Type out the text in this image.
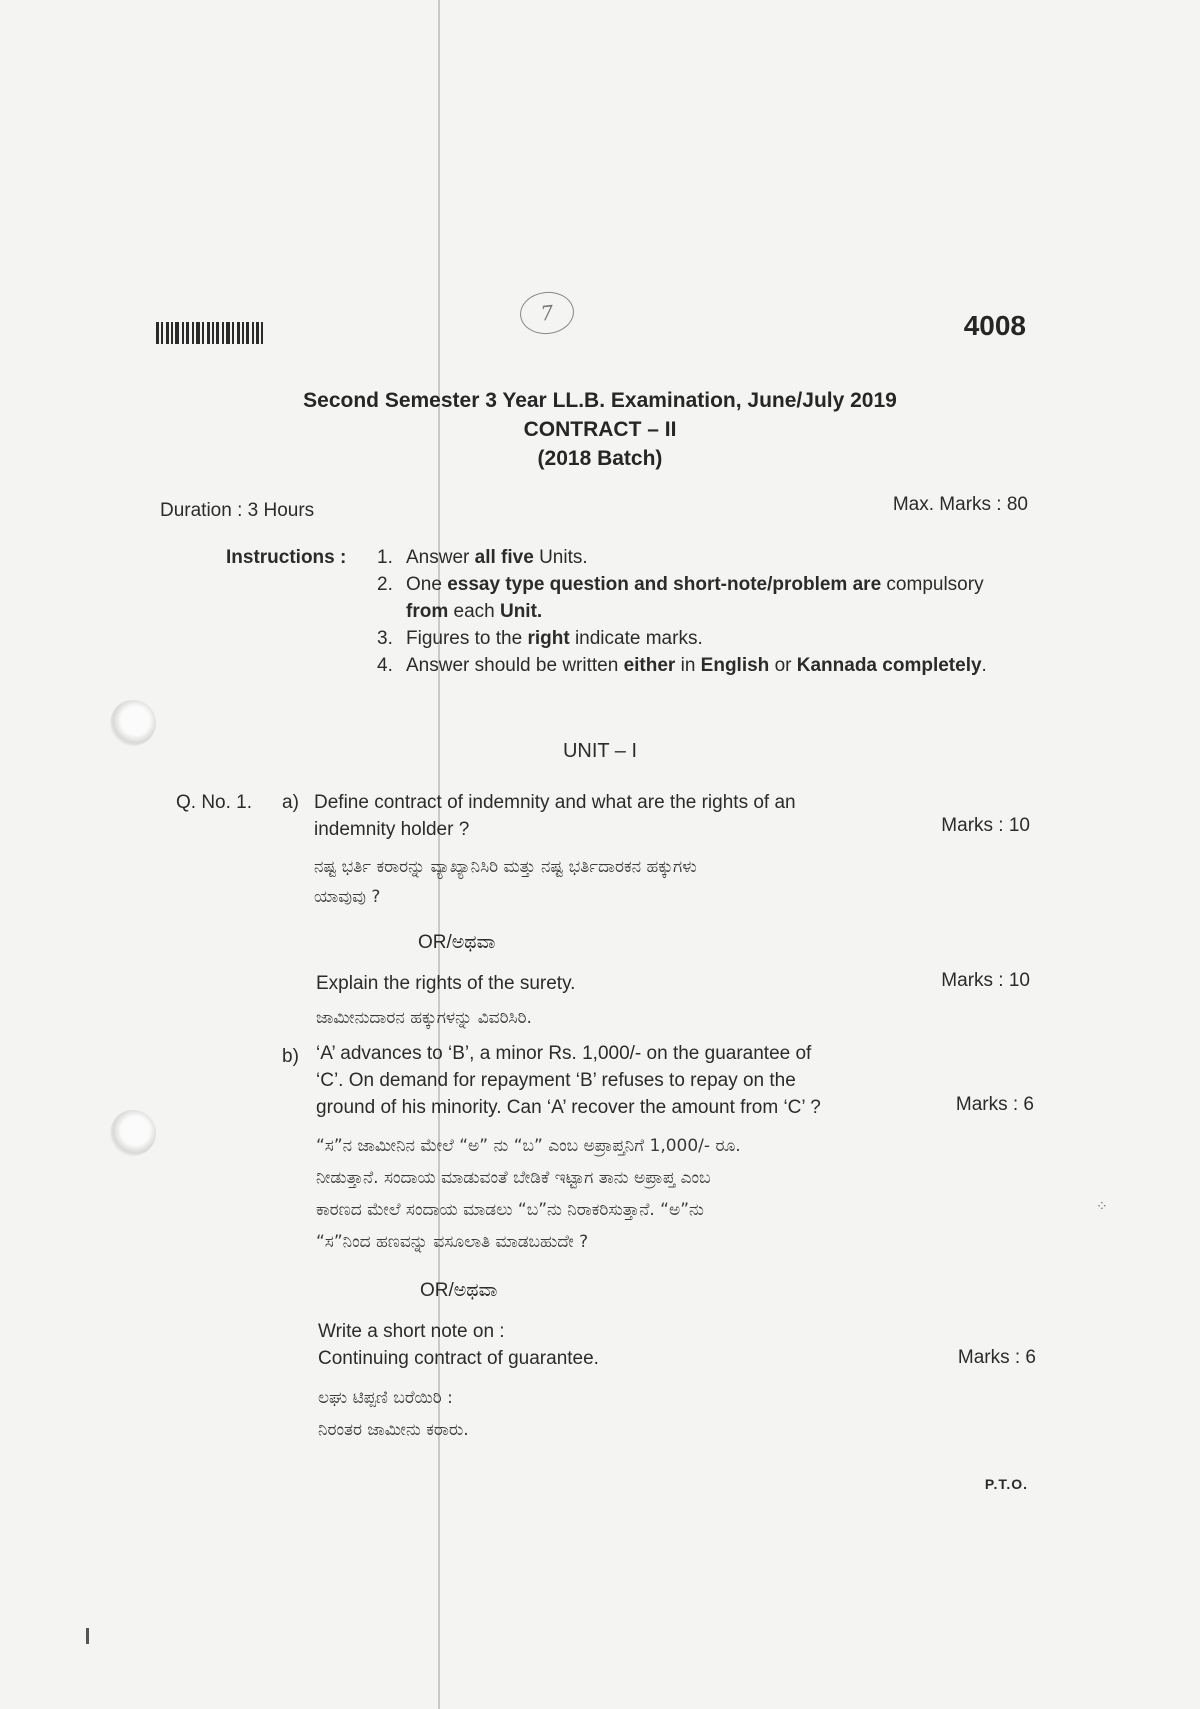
⁘
7	4008
Second Semester 3 Year LL.B. Examination, June/July 2019
CONTRACT – II
(2018 Batch)
Duration : 3 Hours	Max. Marks : 80
Instructions : 1. Answer all five Units.
2. One essay type question and short-note/problem are compulsory from each Unit.
3. Figures to the right indicate marks.
4. Answer should be written either in English or Kannada completely.
UNIT – I
Q. No. 1. a) Define contract of indemnity and what are the rights of an
indemnity holder ?	Marks : 10
ನಷ್ಟ ಭರ್ತಿ ಕರಾರನ್ನು ವ್ಯಾಖ್ಯಾನಿಸಿರಿ ಮತ್ತು ನಷ್ಟ ಭರ್ತಿದಾರಕನ ಹಕ್ಕುಗಳು
ಯಾವುವು ?
OR/ಅಥವಾ
Explain the rights of the surety.	Marks : 10
ಜಾಮೀನುದಾರನ ಹಕ್ಕುಗಳನ್ನು ವಿವರಿಸಿರಿ.
b) ‘A’ advances to ‘B’, a minor Rs. 1,000/- on the guarantee of
‘C’. On demand for repayment ‘B’ refuses to repay on the
ground of his minority. Can ‘A’ recover the amount from ‘C’ ?	Marks : 6
“ಸ”ನ ಜಾಮೀನಿನ ಮೇಲೆ “ಅ” ನು “ಬ” ಎಂಬ ಅಪ್ರಾಪ್ತನಿಗೆ 1,000/- ರೂ.
ನೀಡುತ್ತಾನೆ. ಸಂದಾಯ ಮಾಡುವಂತೆ ಬೇಡಿಕೆ ಇಟ್ಟಾಗ ತಾನು ಅಪ್ರಾಪ್ತ ಎಂಬ
ಕಾರಣದ ಮೇಲೆ ಸಂದಾಯ ಮಾಡಲು “ಬ”ನು ನಿರಾಕರಿಸುತ್ತಾನೆ. “ಅ”ನು
“ಸ”ನಿಂದ ಹಣವನ್ನು ವಸೂಲಾತಿ ಮಾಡಬಹುದೇ ?
OR/ಅಥವಾ
Write a short note on :
Continuing contract of guarantee.	Marks : 6
ಲಘು ಟಿಪ್ಪಣಿ ಬರೆಯಿರಿ :
ನಿರಂತರ ಜಾಮೀನು ಕರಾರು.
P.T.O.
